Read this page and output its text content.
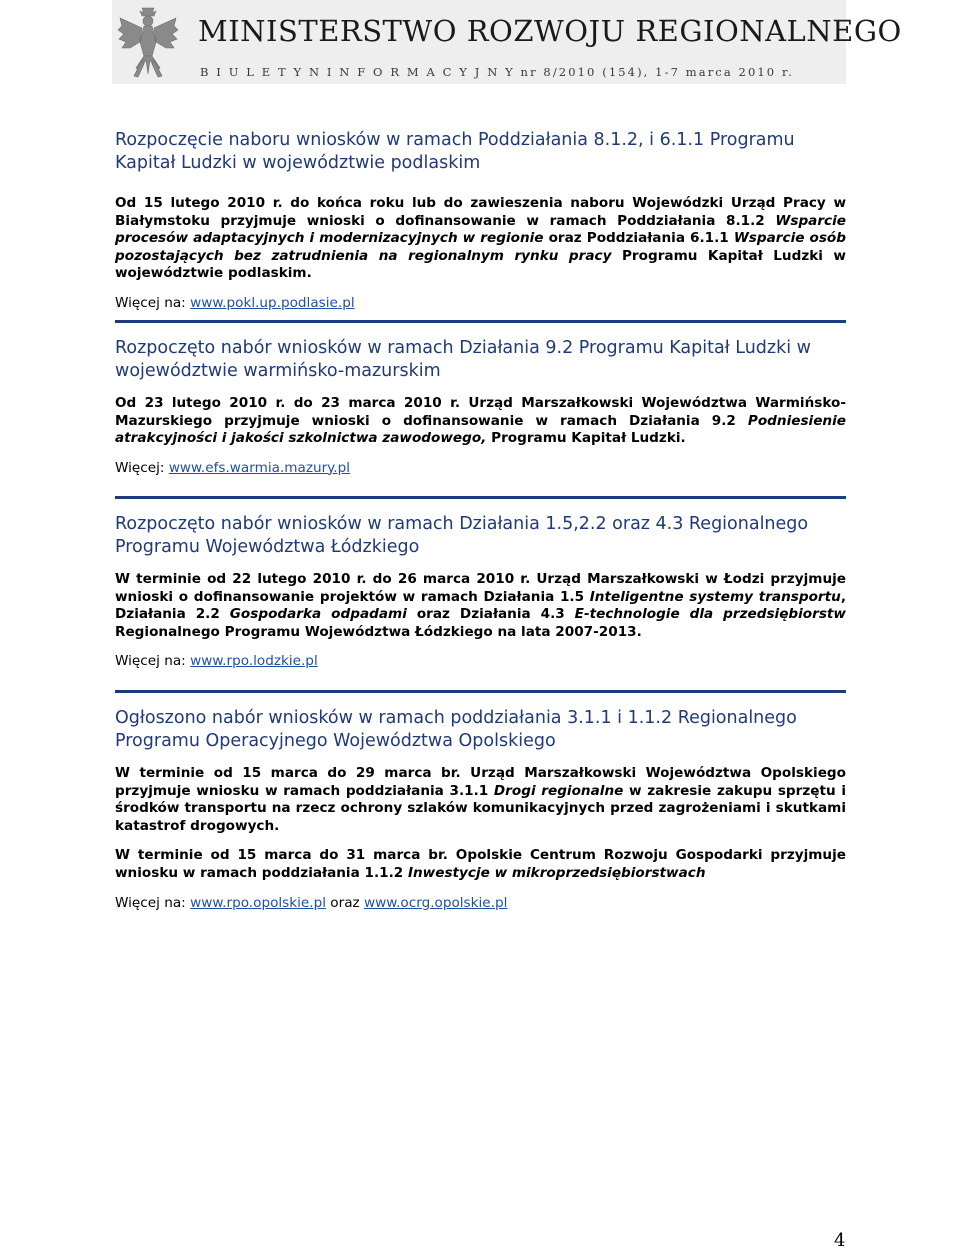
MINISTERSTWO ROZWOJU REGIONALNEGO
B I U L E T Y N I N F O R M A C Y J N Y nr 8/2010 (154), 1-7 marca 2010 r.
Rozpoczęcie naboru wniosków w ramach Poddziałania 8.1.2, i 6.1.1 Programu Kapitał Ludzki w województwie podlaskim

Od 15 lutego 2010 r. do końca roku lub do zawieszenia naboru Wojewódzki Urząd Pracy w Białymstoku przyjmuje wnioski o dofinansowanie w ramach Poddziałania 8.1.2 Wsparcie procesów adaptacyjnych i modernizacyjnych w regionie oraz Poddziałania 6.1.1 Wsparcie osób pozostających bez zatrudnienia na regionalnym rynku pracy Programu Kapitał Ludzki w województwie podlaskim.

Więcej na: www.pokl.up.podlasie.pl

Rozpoczęto nabór wniosków w ramach Działania 9.2 Programu Kapitał Ludzki w województwie warmińsko-mazurskim

Od 23 lutego 2010 r. do 23 marca 2010 r. Urząd Marszałkowski Województwa Warmińsko-Mazurskiego przyjmuje wnioski o dofinansowanie w ramach Działania 9.2 Podniesienie atrakcyjności i jakości szkolnictwa zawodowego, Programu Kapitał Ludzki.

Więcej: www.efs.warmia.mazury.pl

Rozpoczęto nabór wniosków w ramach Działania 1.5,2.2 oraz 4.3 Regionalnego Programu Województwa Łódzkiego

W terminie od 22 lutego 2010 r. do 26 marca 2010 r. Urząd Marszałkowski w Łodzi przyjmuje wnioski o dofinansowanie projektów w ramach Działania 1.5 Inteligentne systemy transportu, Działania 2.2 Gospodarka odpadami oraz Działania 4.3 E-technologie dla przedsiębiorstw Regionalnego Programu Województwa Łódzkiego na lata 2007-2013.

Więcej na: www.rpo.lodzkie.pl

Ogłoszono nabór wniosków w ramach poddziałania 3.1.1 i 1.1.2 Regionalnego Programu Operacyjnego Województwa Opolskiego

W terminie od 15 marca do 29 marca br. Urząd Marszałkowski Województwa Opolskiego przyjmuje wniosku w ramach poddziałania 3.1.1 Drogi regionalne w zakresie zakupu sprzętu i środków transportu na rzecz ochrony szlaków komunikacyjnych przed zagrożeniami i skutkami katastrof drogowych.

W terminie od 15 marca do 31 marca br. Opolskie Centrum Rozwoju Gospodarki przyjmuje wniosku w ramach poddziałania 1.1.2 Inwestycje w mikroprzedsiębiorstwach

Więcej na: www.rpo.opolskie.pl oraz www.ocrg.opolskie.pl

4
